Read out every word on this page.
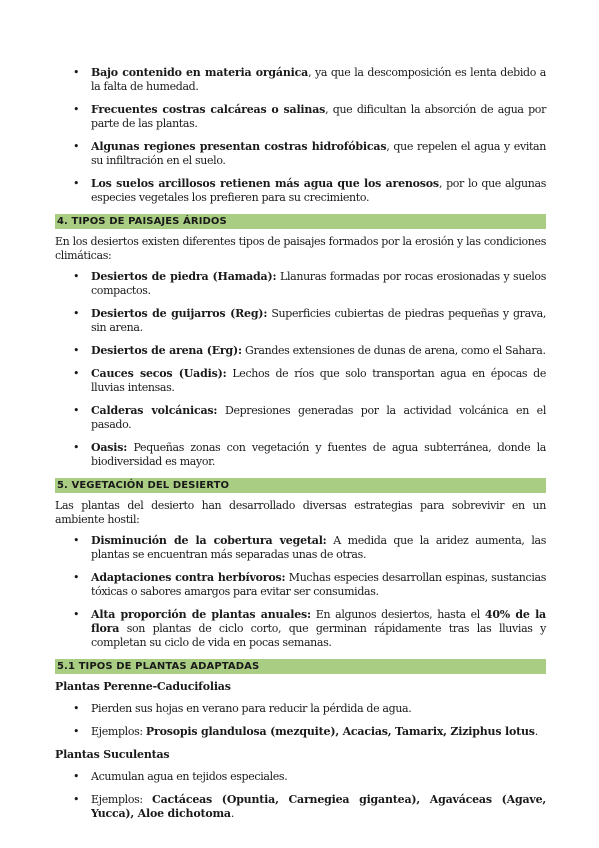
• Bajo contenido en materia orgánica, ya que la descomposición es lenta debido a la falta de humedad.
• Frecuentes costras calcáreas o salinas, que dificultan la absorción de agua por parte de las plantas.
• Algunas regiones presentan costras hidrofóbicas, que repelen el agua y evitan su infiltración en el suelo.
• Los suelos arcillosos retienen más agua que los arenosos, por lo que algunas especies vegetales los prefieren para su crecimiento.
4. TIPOS DE PAISAJES ÁRIDOS

En los desiertos existen diferentes tipos de paisajes formados por la erosión y las condiciones climáticas:

• Desiertos de piedra (Hamada): Llanuras formadas por rocas erosionadas y suelos compactos.
• Desiertos de guijarros (Reg): Superficies cubiertas de piedras pequeñas y grava, sin arena.
• Desiertos de arena (Erg): Grandes extensiones de dunas de arena, como el Sahara.
• Cauces secos (Uadis): Lechos de ríos que solo transportan agua en épocas de lluvias intensas.
• Calderas volcánicas: Depresiones generadas por la actividad volcánica en el pasado.
• Oasis: Pequeñas zonas con vegetación y fuentes de agua subterránea, donde la biodiversidad es mayor.
5. VEGETACIÓN DEL DESIERTO

Las plantas del desierto han desarrollado diversas estrategias para sobrevivir en un ambiente hostil:

• Disminución de la cobertura vegetal: A medida que la aridez aumenta, las plantas se encuentran más separadas unas de otras.
• Adaptaciones contra herbívoros: Muchas especies desarrollan espinas, sustancias tóxicas o sabores amargos para evitar ser consumidas.
• Alta proporción de plantas anuales: En algunos desiertos, hasta el 40% de la flora son plantas de ciclo corto, que germinan rápidamente tras las lluvias y completan su ciclo de vida en pocas semanas.
5.1 TIPOS DE PLANTAS ADAPTADAS
Plantas Perenne-Caducifolias
• Pierden sus hojas en verano para reducir la pérdida de agua.
• Ejemplos: Prosopis glandulosa (mezquite), Acacias, Tamarix, Ziziphus lotus.
Plantas Suculentas
• Acumulan agua en tejidos especiales.
• Ejemplos: Cactáceas (Opuntia, Carnegiea gigantea), Agaváceas (Agave, Yucca), Aloe dichotoma.
